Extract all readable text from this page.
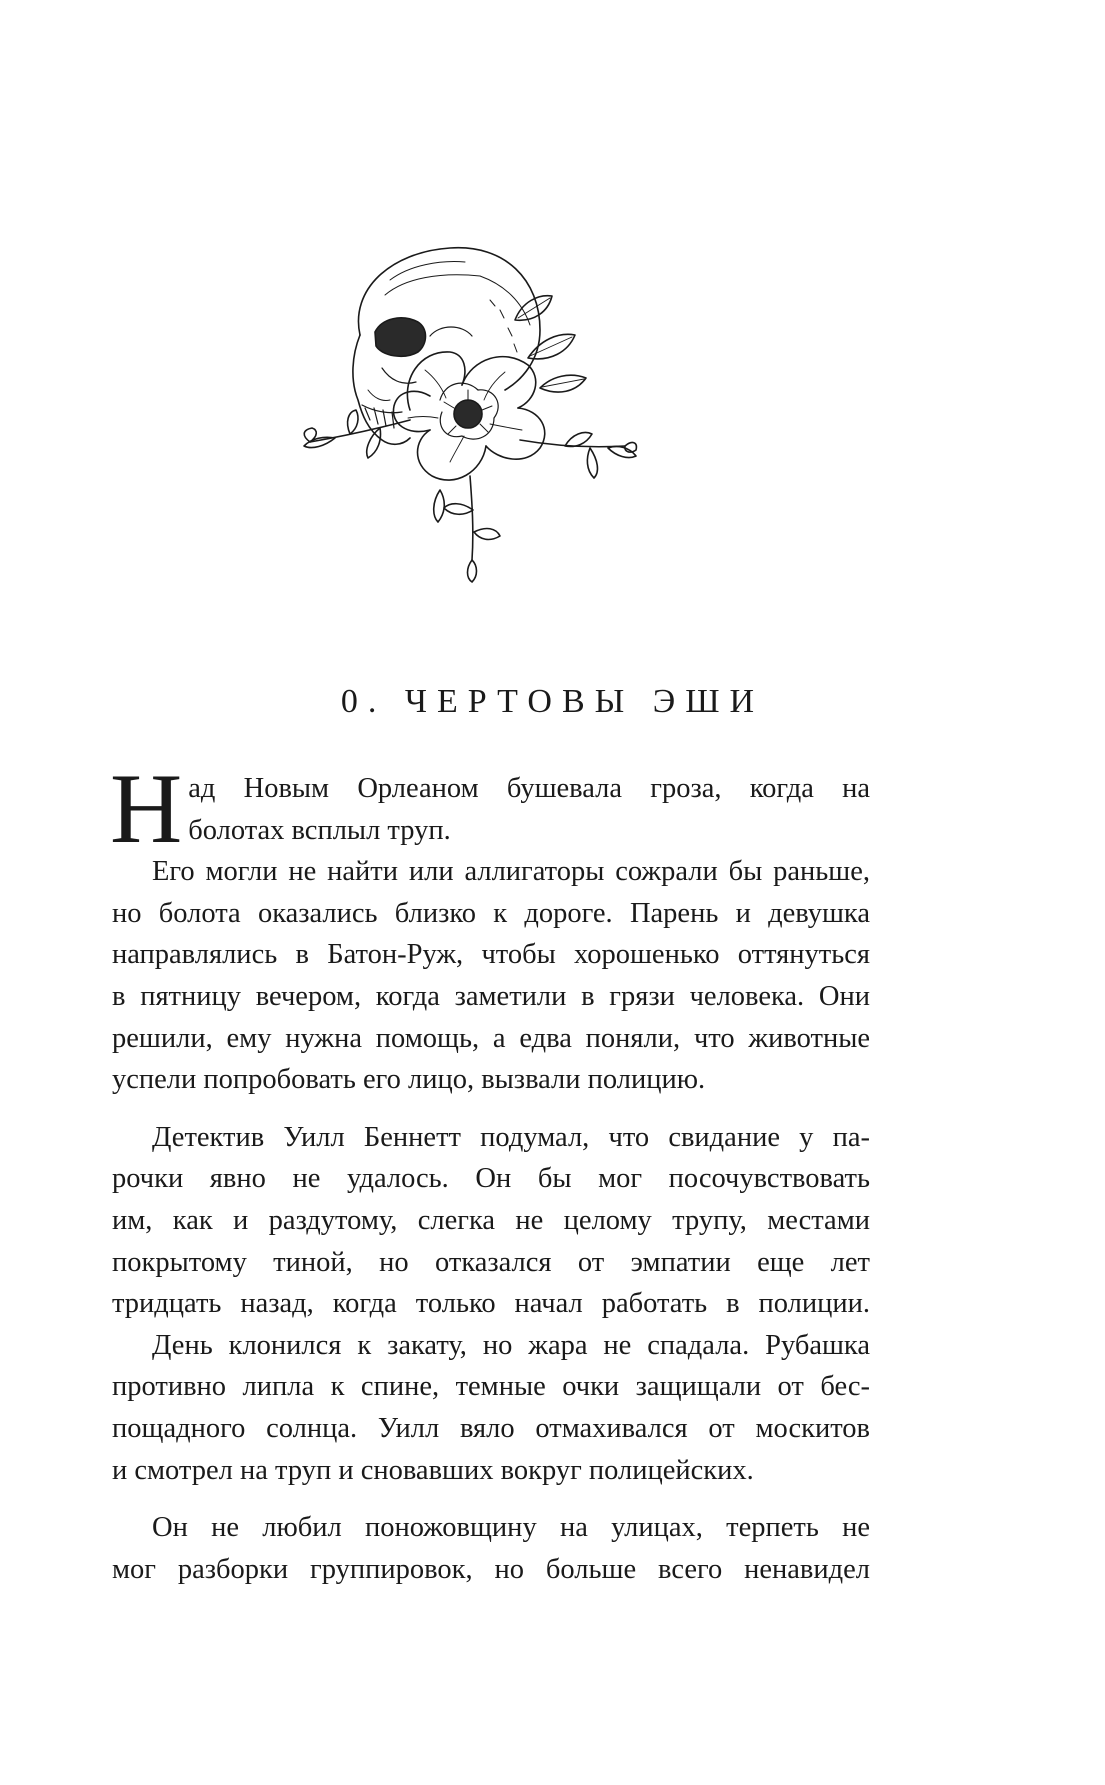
0. ЧЕРТОВЫ ЭШИ
Н ад Новым Орлеаном бушевала гроза, когда на
болотах всплыл труп.

Его могли не найти или аллигаторы сожрали бы раньше,

но болота оказались близко к дороге. Парень и девушка

направлялись в Батон-Руж, чтобы хорошенько оттянуться

в пятницу вечером, когда заметили в грязи человека. Они

решили, ему нужна помощь, а едва поняли, что животные

успели попробовать его лицо, вызвали полицию.

Детектив Уилл Беннетт подумал, что свидание у па-

рочки явно не удалось. Он бы мог посочувствовать

им, как и раздутому, слегка не целому трупу, местами

покрытому тиной, но отказался от эмпатии еще лет

тридцать назад, когда только начал работать в полиции.

День клонился к закату, но жара не спадала. Рубашка

противно липла к спине, темные очки защищали от бес-

пощадного солнца. Уилл вяло отмахивался от москитов

и смотрел на труп и сновавших вокруг полицейских.

Он не любил поножовщину на улицах, терпеть не

мог разборки группировок, но больше всего ненавидел
